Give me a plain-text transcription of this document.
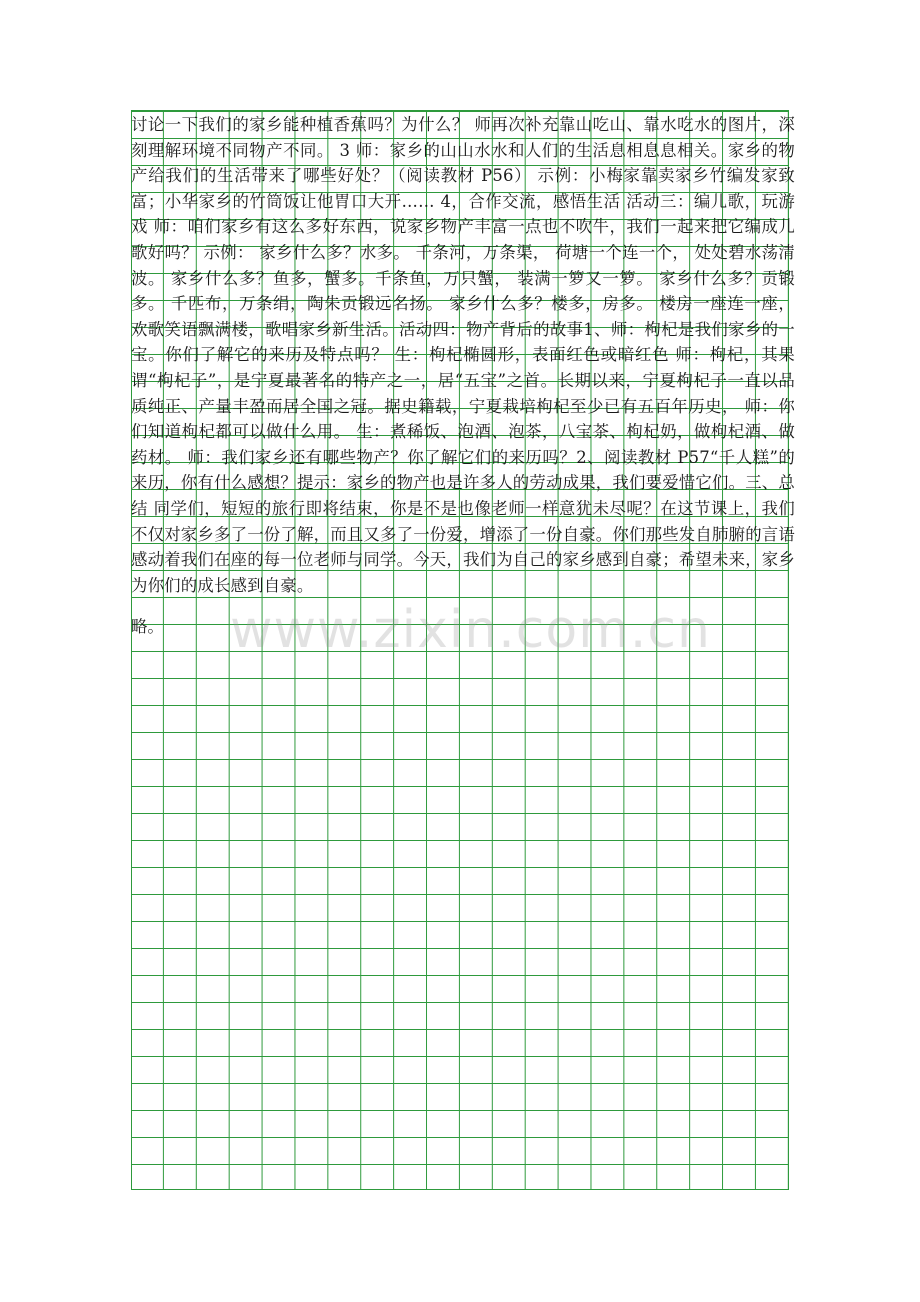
讨论一下我们的家乡能种植香蕉吗？为什么？ 师再次补充靠山吃山、靠水吃水的图片，深刻理解环境不同物产不同。 3 师：家乡的山山水水和人们的生活息相息息相关。家乡的物产给我们的生活带来了哪些好处？（阅读教材 P56） 示例：小梅家靠卖家乡竹编发家致富；小华家乡的竹筒饭让他胃口大开…… 4，合作交流，感悟生活 活动三：编儿歌，玩游戏 师：咱们家乡有这么多好东西，说家乡物产丰富一点也不吹牛，我们一起来把它编成儿歌好吗？ 示例： 家乡什么多？水多。 千条河，万条渠， 荷塘一个连一个， 处处碧水荡清波。 家乡什么多？鱼多，蟹多。千条鱼，万只蟹， 装满一箩又一箩。 家乡什么多？贡锻多。 千匹布，万条绢，陶朱贡锻远名扬。 家乡什么多？楼多，房多。 楼房一座连一座， 欢歌笑语飘满楼，歌唱家乡新生活。活动四：物产背后的故事1、师：枸杞是我们家乡的一宝。你们了解它的来历及特点吗？ 生：枸杞椭圆形，表面红色或暗红色 师：枸杞，其果谓“枸杞子”，是宁夏最著名的特产之一，居“五宝”之首。长期以来，宁夏枸杞子一直以品质纯正、产量丰盈而居全国之冠。据史籍载，宁夏栽培枸杞至少已有五百年历史， 师：你们知道枸杞都可以做什么用。 生：煮稀饭、泡酒、泡茶，八宝茶、枸杞奶，做枸杞酒、做药材。 师：我们家乡还有哪些物产？你了解它们的来历吗？2、阅读教材 P57“千人糕”的来历，你有什么感想？提示：家乡的物产也是许多人的劳动成果，我们要爱惜它们。三、总结 同学们，短短的旅行即将结束，你是不是也像老师一样意犹未尽呢？在这节课上，我们不仅对家乡多了一份了解，而且又多了一份爱，增添了一份自豪。你们那些发自肺腑的言语感动着我们在座的每一位老师与同学。今天，我们为自己的家乡感到自豪；希望未来，家乡为你们的成长感到自豪。

略。 www.zixin.com.cn
